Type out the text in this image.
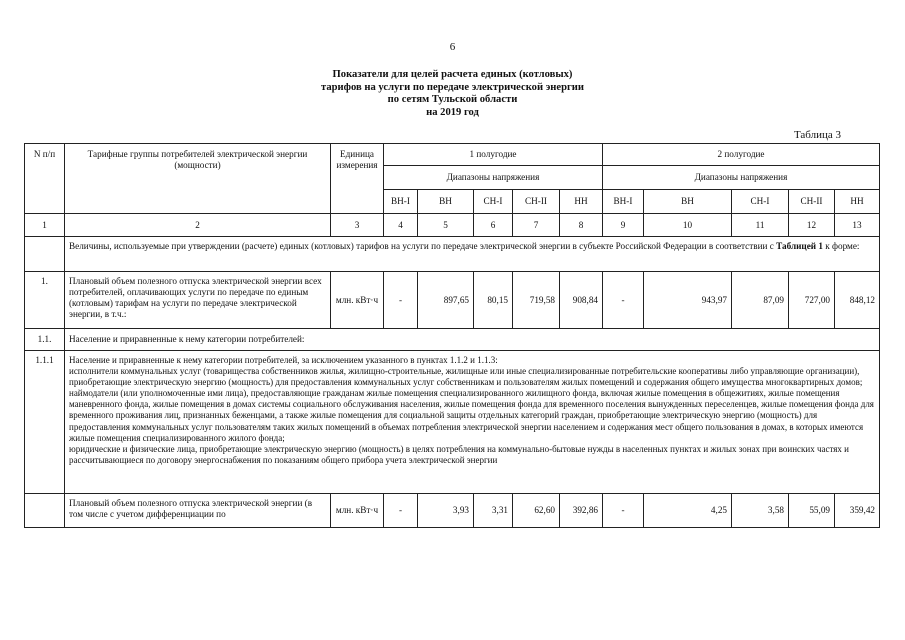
6
Показатели для целей расчета единых (котловых)
тарифов на услуги по передаче электрической энергии
по сетям Тульской области
на 2019 год
Таблица 3
N п/п	Тарифные группы потребителей электрической энергии (мощности)	Единица измерения	1 полугодие					2 полугодие				
			Диапазоны напряжения					Диапазоны напряжения				
			ВН-I	ВН	СН-I	СН-II	НН	ВН-I	ВН	СН-I	СН-II	НН
1	2	3	4	5	6	7	8	9	10	11	12	13
	Величины, используемые при утверждении (расчете) единых (котловых) тарифов на услуги по передаче электрической энергии в субъекте Российской Федерации в соответствии с Таблицей 1 к форме:											
1.	Плановый объем полезного отпуска электрической энергии всех потребителей, оплачивающих услуги по передаче по единым (котловым) тарифам на услуги по передаче электрической энергии, в т.ч.:	млн. кВт·ч	-	897,65	80,15	719,58	908,84	-	943,97	87,09	727,00	848,12
1.1.	Население и приравненные к нему категории потребителей:											
1.1.1	Население и приравненные к нему категории потребителей, за исключением указанного в пунктах 1.1.2 и 1.1.3:
исполнители коммунальных услуг (товарищества собственников жилья, жилищно-строительные, жилищные или иные специализированные потребительские кооперативы либо управляющие организации), приобретающие электрическую энергию (мощность) для предоставления коммунальных услуг собственникам и пользователям жилых помещений и содержания общего имущества многоквартирных домов; наймодатели (или уполномоченные ими лица), предоставляющие гражданам жилые помещения специализированного жилищного фонда, включая жилые помещения в общежитиях, жилые помещения маневренного фонда, жилые помещения в домах системы социального обслуживания населения, жилые помещения фонда для временного поселения вынужденных переселенцев, жилые помещения фонда для временного проживания лиц, признанных беженцами, а также жилые помещения для социальной защиты отдельных категорий граждан, приобретающие электрическую энергию (мощность) для предоставления коммунальных услуг пользователям таких жилых помещений в объемах потребления электрической энергии населением и содержания мест общего пользования в домах, в которых имеются жилые помещения специализированного жилого фонда;
юридические и физические лица, приобретающие электрическую энергию (мощность) в целях потребления на коммунально-бытовые нужды в населенных пунктах и жилых зонах при воинских частях и рассчитывающиеся по договору энергоснабжения по показаниям общего прибора учета электрической энергии											

	Плановый объем полезного отпуска электрической энергии (в том числе с учетом дифференциации по	млн. кВт·ч	-	3,93	3,31	62,60	392,86	-	4,25	3,58	55,09	359,42
